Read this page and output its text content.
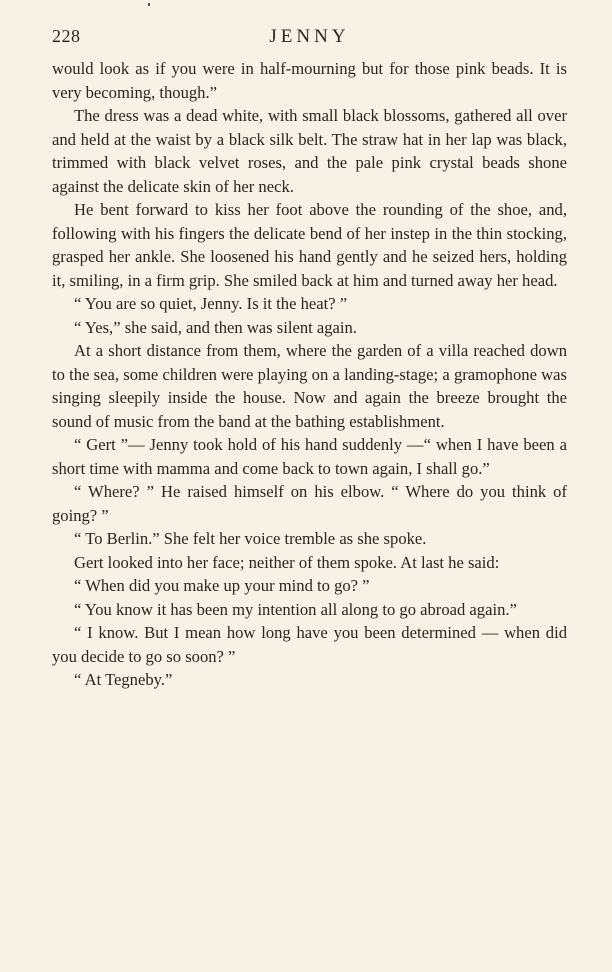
228	JENNY

would look as if you were in half-mourning but for those pink beads. It is very becoming, though.”

The dress was a dead white, with small black blossoms, gathered all over and held at the waist by a black silk belt. The straw hat in her lap was black, trimmed with black velvet roses, and the pale pink crystal beads shone against the delicate skin of her neck.

He bent forward to kiss her foot above the rounding of the shoe, and, following with his fingers the delicate bend of her instep in the thin stocking, grasped her ankle. She loosened his hand gently and he seized hers, holding it, smiling, in a firm grip. She smiled back at him and turned away her head.

“ You are so quiet, Jenny. Is it the heat? ”

“ Yes,” she said, and then was silent again.

At a short distance from them, where the garden of a villa reached down to the sea, some children were playing on a landing-stage; a gramophone was singing sleepily inside the house. Now and again the breeze brought the sound of music from the band at the bathing establishment.

“ Gert ”— Jenny took hold of his hand suddenly —“ when I have been a short time with mamma and come back to town again, I shall go.”

“ Where? ” He raised himself on his elbow. “ Where do you think of going? ”

“ To Berlin.” She felt her voice tremble as she spoke.

Gert looked into her face; neither of them spoke. At last he said:

“ When did you make up your mind to go? ”

“ You know it has been my intention all along to go abroad again.”

“ I know. But I mean how long have you been determined — when did you decide to go so soon? ”

“ At Tegneby.”
